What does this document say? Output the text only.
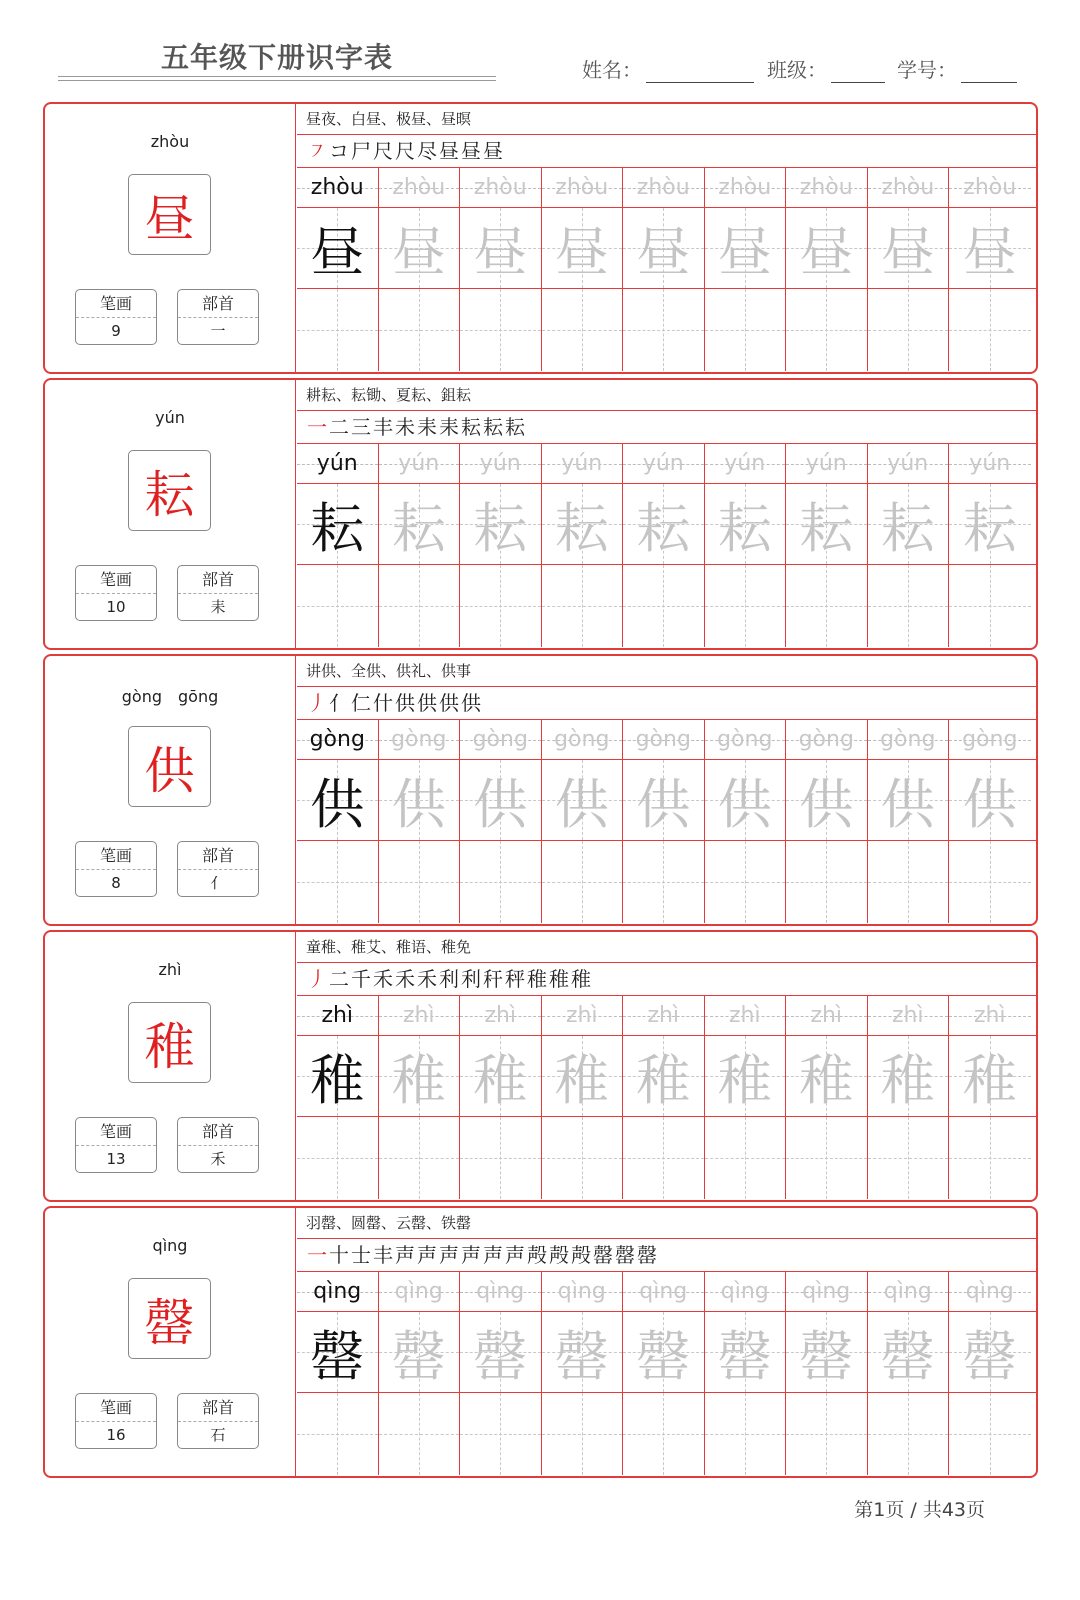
五年级下册识字表	姓名：	班级：	学号：
zhòu
昼
笔画
9
部首
一
昼夜、白昼、极昼、昼暝
㇇ コ 尸 尺 尺 尽 昼 昼 昼
zhòu zhòu zhòu zhòu zhòu zhòu zhòu zhòu zhòu
昼 昼 昼 昼 昼 昼 昼 昼 昼
yún
耘
笔画
10
部首
耒
耕耘、耘锄、夏耘、鉏耘
一 二 三 丰 未 耒 耒 耘 耘 耘
yún yún yún yún yún yún yún yún yún
耘 耘 耘 耘 耘 耘 耘 耘 耘
gòng　gōng
供
笔画
8
部首
亻
讲供、全供、供礼、供事
丿 亻 仁 什 供 供 供 供
gòng gòng gòng gòng gòng gòng gòng gòng gòng
供 供 供 供 供 供 供 供 供
zhì
稚
笔画
13
部首
禾
童稚、稚艾、稚语、稚免
丿 二 千 禾 禾 禾 利 利 秆 秤 稚 稚 稚
zhì zhì zhì zhì zhì zhì zhì zhì zhì
稚 稚 稚 稚 稚 稚 稚 稚 稚
qìng
罄
笔画
16
部首
石
羽罄、圆罄、云罄、铁罄
一 十 士 丰 声 声 声 声 声 声 殸 殸 殸 罄 罄 罄
qìng qìng qìng qìng qìng qìng qìng qìng qìng
罄 罄 罄 罄 罄 罄 罄 罄 罄
第1页 / 共43页
